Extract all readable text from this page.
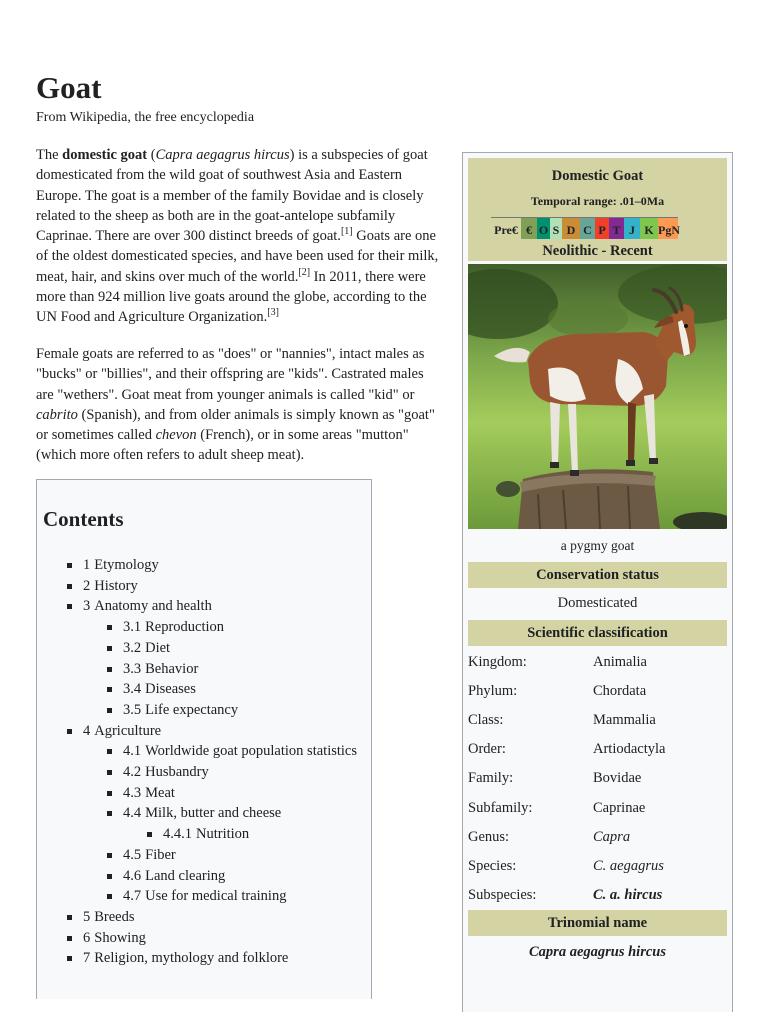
Goat
From Wikipedia, the free encyclopedia

The domestic goat (Capra aegagrus hircus) is a subspecies of goat domesticated from the wild goat of southwest Asia and Eastern Europe. The goat is a member of the family Bovidae and is closely related to the sheep as both are in the goat-antelope subfamily Caprinae. There are over 300 distinct breeds of goat.[1] Goats are one of the oldest domesticated species, and have been used for their milk, meat, hair, and skins over much of the world.[2] In 2011, there were more than 924 million live goats around the globe, according to the UN Food and Agriculture Organization.[3]

Female goats are referred to as "does" or "nannies", intact males as "bucks" or "billies", and their offspring are "kids". Castrated males are "wethers". Goat meat from younger animals is called "kid" or cabrito (Spanish), and from older animals is simply known as "goat" or sometimes called chevon (French), or in some areas "mutton" (which more often refers to adult sheep meat).

Contents
1 Etymology
2 History
3 Anatomy and health
3.1 Reproduction
3.2 Diet
3.3 Behavior
3.4 Diseases
3.5 Life expectancy
4 Agriculture
4.1 Worldwide goat population statistics
4.2 Husbandry
4.3 Meat
4.4 Milk, butter and cheese
4.4.1 Nutrition
4.5 Fiber
4.6 Land clearing
4.7 Use for medical training
5 Breeds
6 Showing
7 Religion, mythology and folklore
Domestic Goat
Temporal range: .01–0Ma
Pre€ € O S D C P T J K PgN
Neolithic - Recent
a pygmy goat
Conservation status
Domesticated
Scientific classification
Kingdom:	Animalia
Phylum:	Chordata
Class:	Mammalia
Order:	Artiodactyla
Family:	Bovidae
Subfamily:	Caprinae
Genus:	Capra
Species:	C. aegagrus
Subspecies:	C. a. hircus
Trinomial name
Capra aegagrus hircus
